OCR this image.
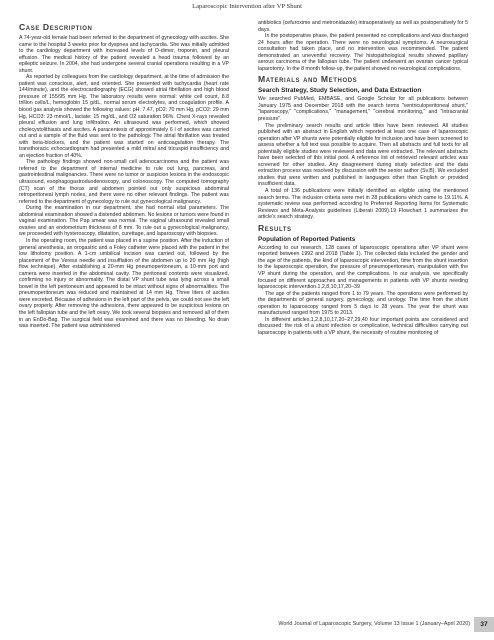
Laparoscopic Intervention after VP Shunt
Case Description

A 74-year-old female had been referred to the department of gynecology with ascites. She came to the hospital 3 weeks prior for dyspnea and tachycardia. She was initially admitted to the cardiology department with increased levels of D-dimer, troponin, and pleural effusion. The medical history of the patient revealed a head trauma followed by an epileptic seizure. In 2004, she had undergone several cranial operations resulting in a VP shunt.

As reported by colleagues from the cardiology department, at the time of admission the patient was conscious, alert, and oriented. She presented with tachycardia (heart rate 144/minute), and the electrocardiography (ECG) showed atrial fibrillation and high blood pressure of 155/95 mm Hg. The laboratory results were normal: white cell count, 8.8 trillion cells/L, hemoglobin 15 g/dL, normal serum electrolytes, and coagulation profile. A blood gas analysis showed the following values: pH: 7.47, pO2: 70 mm Hg, pCO2: 29 mm Hg, HCO3: 23 mmol/L, lactate: 15 mg/dL, and O2 saturation 96%. Chest X-rays revealed pleural effusion and lung infiltration. An ultrasound was performed, which showed cholecystolithiasis and ascites. A paracentesis of approximately 6 l of ascites was carried out and a sample of the fluid was sent to the pathology. The atrial fibrillation was treated with beta-blockers, and the patient was started on anticoagulation therapy. The transthoracic echocardiogram had presented a mild mitral and tricuspid insufficiency and an ejection fraction of 40%.

The pathology findings showed non-small cell adenocarcinoma and the patient was referred to the department of internal medicine to rule out lung, pancreas, and gastrointestinal malignancies. There were no tumor or suspicion lesions in the endoscopic ultrasound, esophagogastroduodenoscopy, and colonoscopy. The computed tomography (CT) scan of the thorax and abdomen pointed out only suspicious abdominal retroperitoneal lymph nodes, and there were no other relevant findings. The patient was referred to the department of gynecology to rule out gynecological malignancy.

During the examination in our department, she had normal vital parameters. The abdominal examination showed a distended abdomen. No lesions or tumors were found in vaginal examination. The Pap smear was normal. The vaginal ultrasound revealed small ovaries and an endometrium thickness of 8 mm. To rule out a gynecological malignancy, we proceeded with hysteroscopy, dilatation, curettage, and laparoscopy with biopsies.

In the operating room, the patient was placed in a supine position. After the induction of general anesthesia, an orogastric and a Foley catheter were placed with the patient in the low lithotomy position. A 1-cm umbilical incision was carried out, followed by the placement of the Veress needle and insufflation of the abdomen up to 20 mm Hg (high flow technique). After establishing a 20-mm Hg pneumoperitoneum, a 10-mm port and camera were inserted in the abdominal cavity. The peritoneal contents were visualized, confirming no injury or abnormality. The distal VP shunt tube was lying across a small bowel in the left peritoneum and appeared to be intact without signs of abnormalities. The pneumoperitoneum was reduced and maintained at 14 mm Hg. Three liters of ascites were excreted. Because of adhesions in the left part of the pelvis, we could not see the left ovary properly. After removing the adhesions, there appeared to be suspicious lesions on the left fallopian tube and the left ovary. We took several biopsies and removed all of them in an EnDo-Bag. The surgical field was examined and there was no bleeding. No drain was inserted. The patient was administered

antibiotics (cefuroxime and metronidazole) intraoperatively as well as postoperatively for 5 days.

In the postoperative phase, the patient presented no complications and was discharged 24 hours after the operation. There were no neurological symptoms. A neurosurgical consultation had taken place, and no intervention was recommended. The patient demonstrated an uneventful recovery. The histopathological results showed papillary serous carcinoma of the fallopian tube. The patient underwent an ovarian cancer typical laparotomy. In the 8 month follow-up, the patient showed no neurological complications.

Materials and Methods
Search Strategy, Study Selection, and Data Extraction

We searched PubMed, EMBASE, and Google Scholar for all publications between January 1975 and December 2018 with the search terms "ventriculoperitoneal shunt," "laparoscopy," "complications," "management," "cerebral monitoring," and "intracranial pressure".

The preliminary search results and article titles have been reviewed. All studies published with an abstract in English which reported at least one case of laparoscopic operation after VP shunts were potentially eligible for inclusion and have been screened to assess whether a full text was possible to acquire. Then all abstracts and full texts for all potentially eligible studies were reviewed and data were extracted. The relevant abstracts have been selected of this initial pool. A reference list of retrieved relevant articles was screened for other studies. Any disagreement during study selection and the data extraction process was resolved by discussion with the senior author (Sv.B). We excluded studies that were written and published in languages other than English or provided insufficient data.

A total of 136 publications were initially identified as eligible using the mentioned search terms. The inclusion criteria were met in 28 publications which came to 19.11%. A systematic review was performed according to Preferred Reporting Items for Systematic Reviews and Meta-Analysis guidelines (Liberati 2009).19 Flowchart 1 summarizes the article's search strategy.

Results
Population of Reported Patients

According to our research, 128 cases of laparoscopic operations after VP shunt were reported between 1992 and 2018 (Table 1). The collected data included the gender and the age of the patients, the kind of laparoscopic intervention, time from the shunt insertion to the laparoscopic operation, the pressure of pneumoperitoneum, manipulation with the VP shunt during the operation, and the complications. In our analysis, we specifically focused on different approaches and managements in patients with VP shunts needing laparoscopic intervention.1,2,8,10,17,20–39

The age of the patients ranged from 1 to 79 years. The operations were performed by the departments of general surgery, gynecology, and urology. The time from the shunt operation to laparoscopy ranged from 5 days to 28 years. The year the shunt was manufactured ranged from 1975 to 2013.

In different articles,1,2,8,10,17,20–27,29,40 four important points are considered and discussed: the risk of a shunt infection or complication, technical difficulties carrying out laparoscopy in patients with a VP shunt, the necessity of routine monitoring of

World Journal of Laparoscopic Surgery, Volume 13 Issue 1 (January–April 2020)	37
